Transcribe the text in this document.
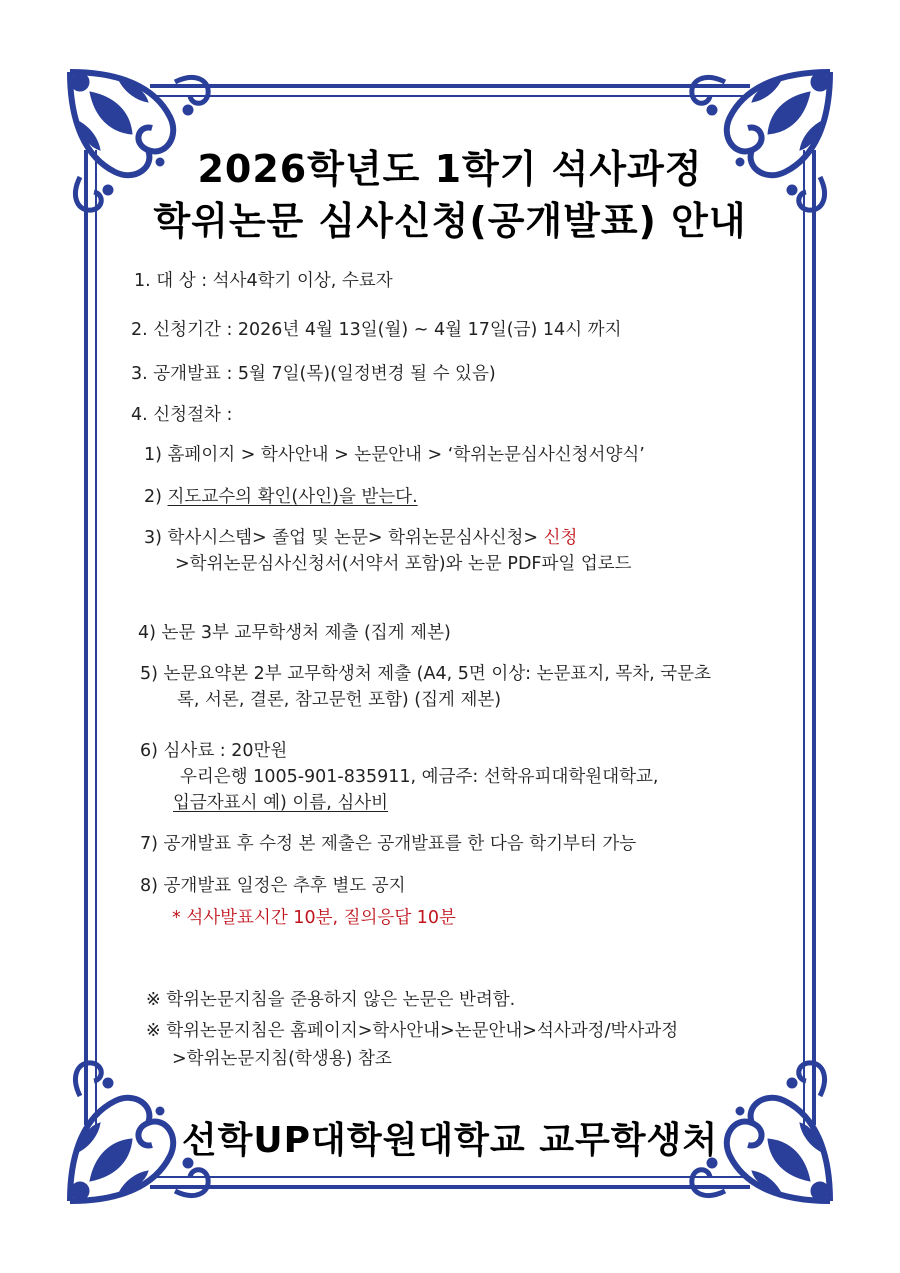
2026학년도 1학기 석사과정
학위논문 심사신청(공개발표) 안내
1. 대 상 : 석사4학기 이상, 수료자
2. 신청기간 : 2026년 4월 13일(월) ~ 4월 17일(금) 14시 까지
3. 공개발표 : 5월 7일(목)(일정변경 될 수 있음)
4. 신청절차 :
1) 홈페이지 > 학사안내 > 논문안내 > ‘학위논문심사신청서양식’
2) 지도교수의 확인(사인)을 받는다.
3) 학사시스템> 졸업 및 논문> 학위논문심사신청> 신청
>학위논문심사신청서(서약서 포함)와 논문 PDF파일 업로드
4) 논문 3부 교무학생처 제출 (집게 제본)
5) 논문요약본 2부 교무학생처 제출 (A4, 5면 이상: 논문표지, 목차, 국문초
록, 서론, 결론, 참고문헌 포함) (집게 제본)
6) 심사료 : 20만원
우리은행 1005-901-835911, 예금주: 선학유피대학원대학교,
입금자표시 예) 이름, 심사비
7) 공개발표 후 수정 본 제출은 공개발표를 한 다음 학기부터 가능
8) 공개발표 일정은 추후 별도 공지
* 석사발표시간 10분, 질의응답 10분
※ 학위논문지침을 준용하지 않은 논문은 반려함.
※ 학위논문지침은 홈페이지>학사안내>논문안내>석사과정/박사과정
>학위논문지침(학생용) 참조
선학UP대학원대학교 교무학생처
